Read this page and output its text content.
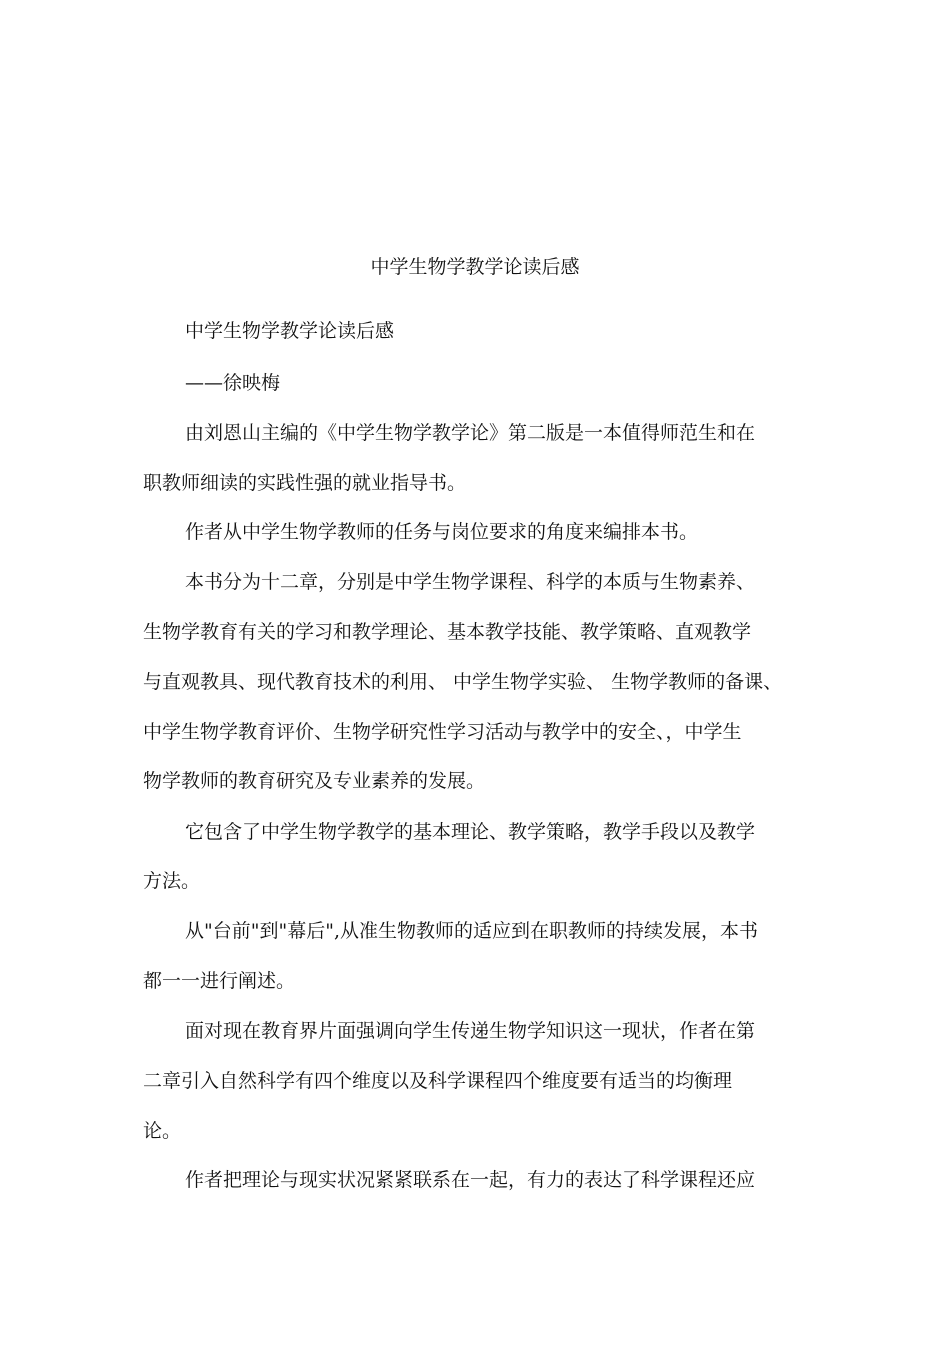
中学生物学教学论读后感
中学生物学教学论读后感
——徐映梅
由刘恩山主编的《中学生物学教学论》第二版是一本值得师范生和在
职教师细读的实践性强的就业指导书。
作者从中学生物学教师的任务与岗位要求的角度来编排本书。
本书分为十二章，分别是中学生物学课程、科学的本质与生物素养、
生物学教育有关的学习和教学理论、基本教学技能、教学策略、直观教学
与直观教具、现代教育技术的利用、 中学生物学实验、 生物学教师的备课、
中学生物学教育评价、生物学研究性学习活动与教学中的安全、，中学生
物学教师的教育研究及专业素养的发展。
它包含了中学生物学教学的基本理论、教学策略，教学手段以及教学
方法。
从"台前"到"幕后",从准生物教师的适应到在职教师的持续发展，本书
都一一进行阐述。
面对现在教育界片面强调向学生传递生物学知识这一现状，作者在第
二章引入自然科学有四个维度以及科学课程四个维度要有适当的均衡理
论。
作者把理论与现实状况紧紧联系在一起，有力的表达了科学课程还应
